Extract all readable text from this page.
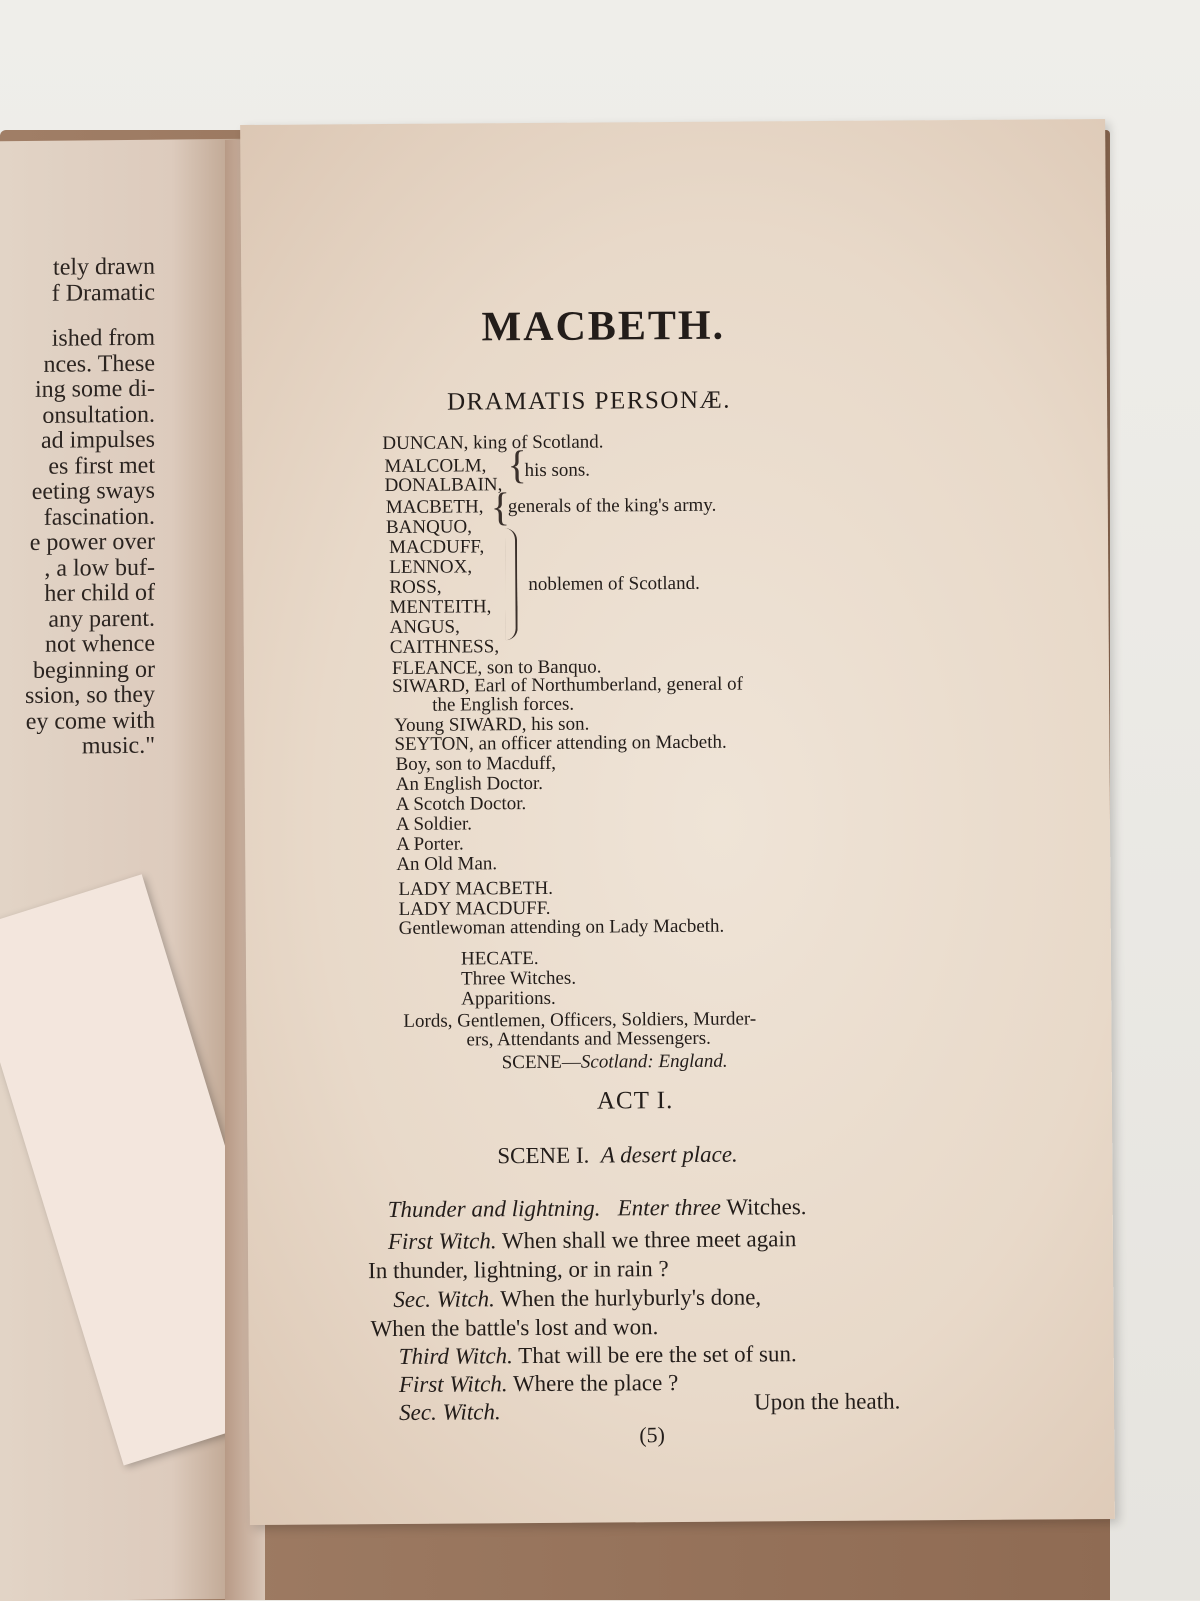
tely drawn
f Dramatic
ished from
nces. These
ing some di-
onsultation.
ad impulses
es first met
eeting sways
fascination.
e power over
, a low buf-
her child of
any parent.
not whence
beginning or
ssion, so they
ey come with
music."
MACBETH.
DRAMATIS PERSONÆ.
DUNCAN, king of Scotland.
MALCOLM,
DONALBAIN, {
his sons.
MACBETH,
BANQUO, {
generals of the king's army.
MACDUFF,
LENNOX,
ROSS,
MENTEITH,
ANGUS,
CAITHNESS,
noblemen of Scotland.
FLEANCE, son to Banquo.
SIWARD, Earl of Northumberland, general of
the English forces.
Young SIWARD, his son.
SEYTON, an officer attending on Macbeth.
Boy, son to Macduff,
An English Doctor.
A Scotch Doctor.
A Soldier.
A Porter.
An Old Man.
LADY MACBETH.
LADY MACDUFF.
Gentlewoman attending on Lady Macbeth.
HECATE.
Three Witches.
Apparitions.
Lords, Gentlemen, Officers, Soldiers, Murder-
ers, Attendants and Messengers.
SCENE—Scotland: England.
ACT I.
SCENE I. A desert place.
Thunder and lightning. Enter three Witches.
First Witch. When shall we three meet again
In thunder, lightning, or in rain ?
Sec. Witch. When the hurlyburly's done,
When the battle's lost and won.
Third Witch. That will be ere the set of sun.
First Witch. Where the place ?
Sec. Witch.	Upon the heath.
(5)
